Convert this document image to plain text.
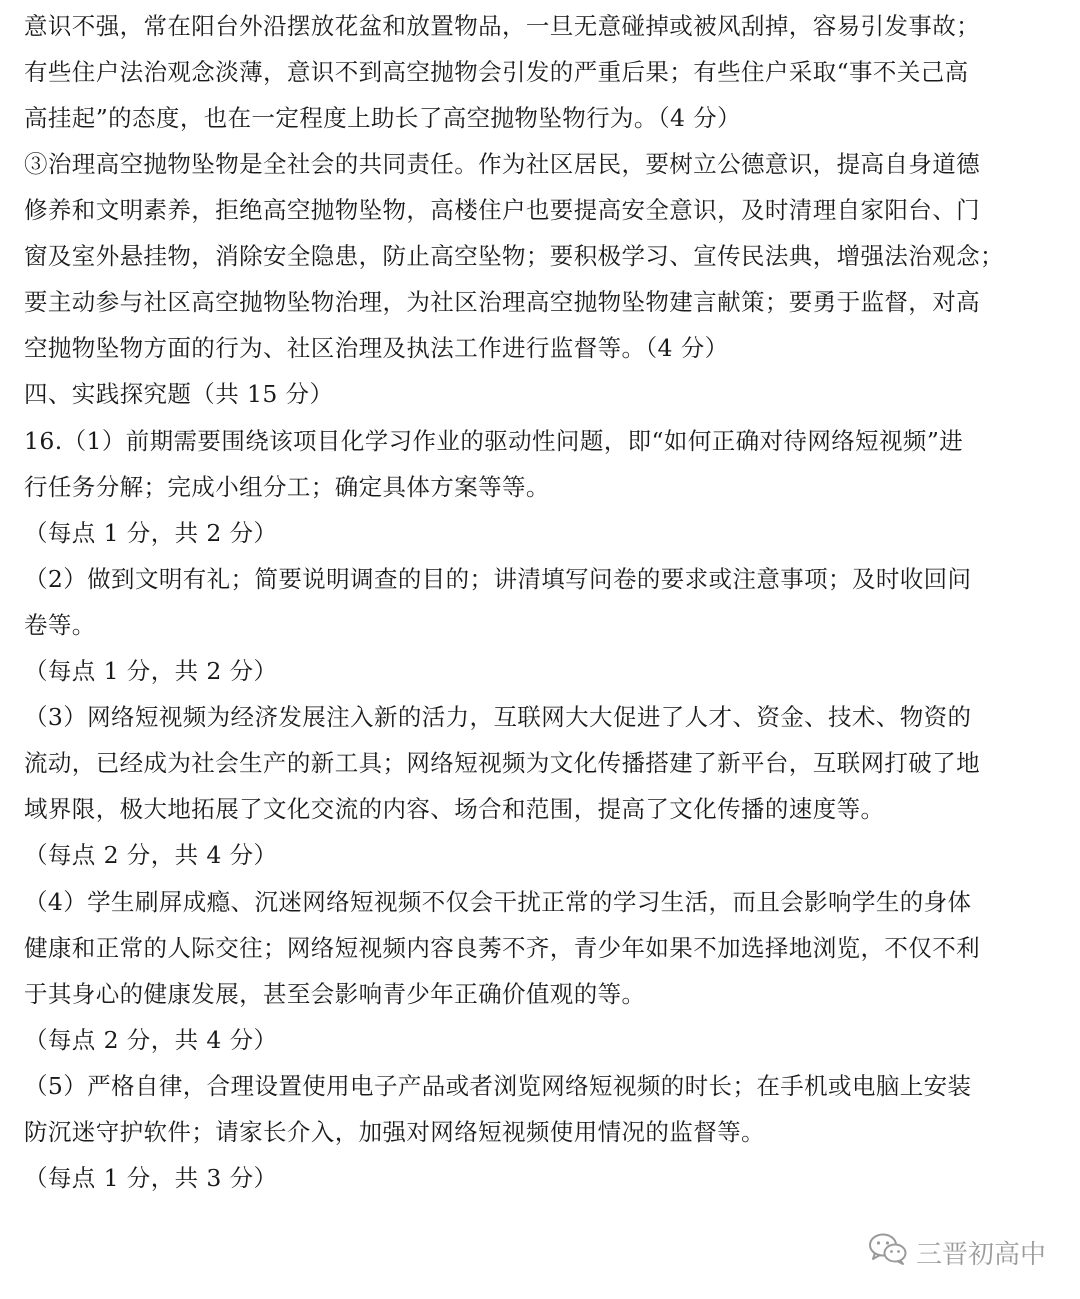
意识不强，常在阳台外沿摆放花盆和放置物品，一旦无意碰掉或被风刮掉，容易引发事故；
有些住户法治观念淡薄，意识不到高空抛物会引发的严重后果；有些住户采取“事不关己高
高挂起”的态度，也在一定程度上助长了高空抛物坠物行为。（4 分）
③治理高空抛物坠物是全社会的共同责任。作为社区居民，要树立公德意识，提高自身道德
修养和文明素养，拒绝高空抛物坠物，高楼住户也要提高安全意识，及时清理自家阳台、门
窗及室外悬挂物，消除安全隐患，防止高空坠物；要积极学习、宣传民法典，增强法治观念；
要主动参与社区高空抛物坠物治理，为社区治理高空抛物坠物建言献策；要勇于监督，对高
空抛物坠物方面的行为、社区治理及执法工作进行监督等。（4 分）
四、实践探究题（共 15 分）
16.（1）前期需要围绕该项目化学习作业的驱动性问题，即“如何正确对待网络短视频”进
行任务分解；完成小组分工；确定具体方案等等。
（每点 1 分，共 2 分）
（2）做到文明有礼；简要说明调查的目的；讲清填写问卷的要求或注意事项；及时收回问
卷等。
（每点 1 分，共 2 分）
（3）网络短视频为经济发展注入新的活力，互联网大大促进了人才、资金、技术、物资的
流动，已经成为社会生产的新工具；网络短视频为文化传播搭建了新平台，互联网打破了地
域界限，极大地拓展了文化交流的内容、场合和范围，提高了文化传播的速度等。
（每点 2 分，共 4 分）
（4）学生刷屏成瘾、沉迷网络短视频不仅会干扰正常的学习生活，而且会影响学生的身体
健康和正常的人际交往；网络短视频内容良莠不齐，青少年如果不加选择地浏览，不仅不利
于其身心的健康发展，甚至会影响青少年正确价值观的等。
（每点 2 分，共 4 分）
（5）严格自律，合理设置使用电子产品或者浏览网络短视频的时长；在手机或电脑上安装
防沉迷守护软件；请家长介入，加强对网络短视频使用情况的监督等。
（每点 1 分，共 3 分）
三晋初高中
